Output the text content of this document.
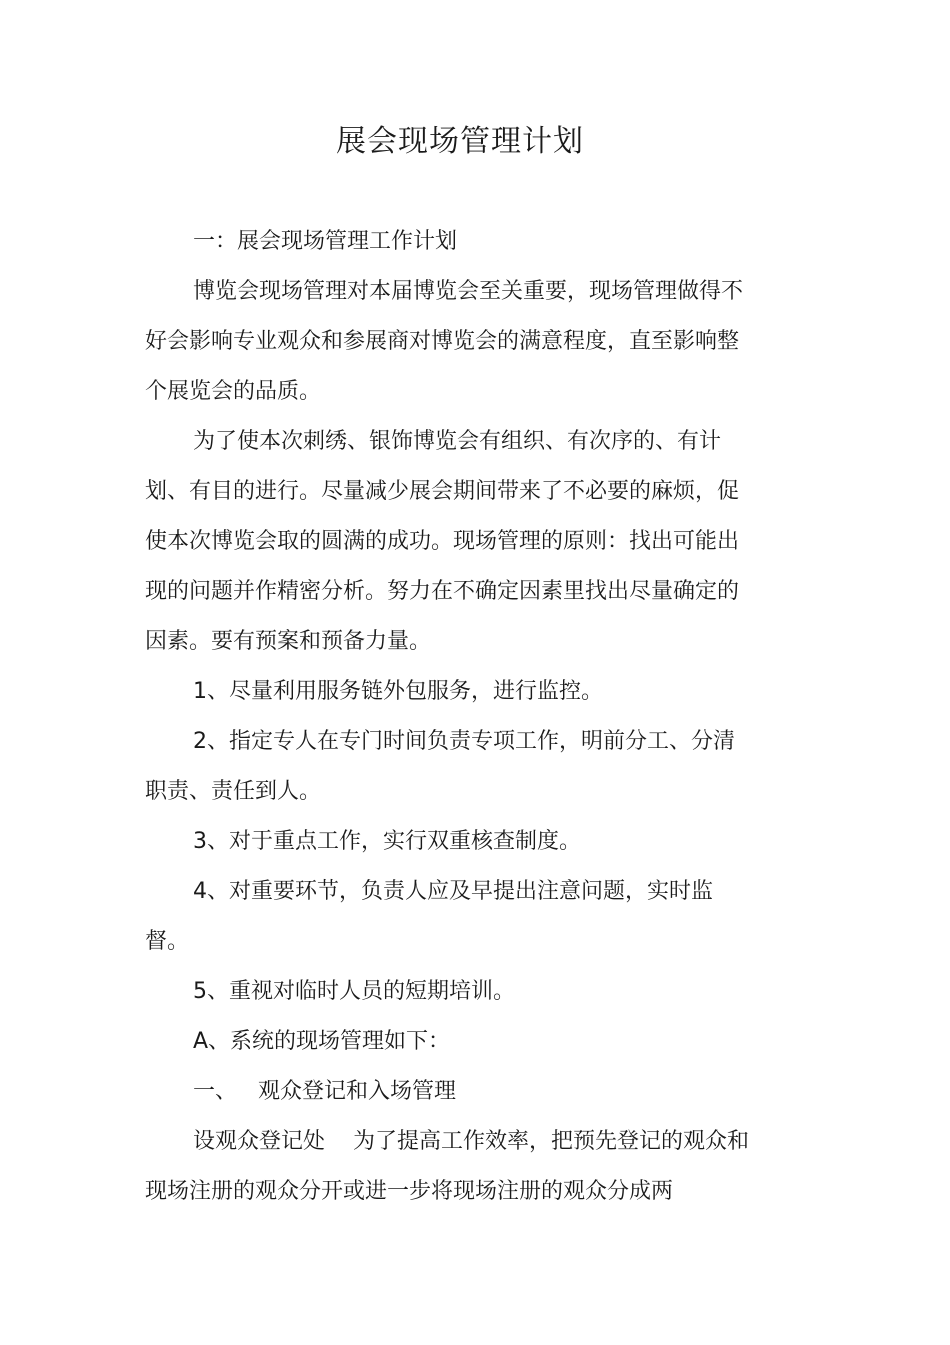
展会现场管理计划

一：展会现场管理工作计划

博览会现场管理对本届博览会至关重要，现场管理做得不好会影响专业观众和参展商对博览会的满意程度，直至影响整个展览会的品质。

为了使本次刺绣、银饰博览会有组织、有次序的、有计划、有目的进行。尽量减少展会期间带来了不必要的麻烦，促使本次博览会取的圆满的成功。现场管理的原则：找出可能出现的问题并作精密分析。努力在不确定因素里找出尽量确定的因素。要有预案和预备力量。

1、尽量利用服务链外包服务，进行监控。

2、指定专人在专门时间负责专项工作，明前分工、分清职责、责任到人。

3、对于重点工作，实行双重核查制度。

4、对重要环节，负责人应及早提出注意问题，实时监督。

5、重视对临时人员的短期培训。

A、系统的现场管理如下：

一、   观众登记和入场管理

设观众登记处    为了提高工作效率，把预先登记的观众和现场注册的观众分开或进一步将现场注册的观众分成两
